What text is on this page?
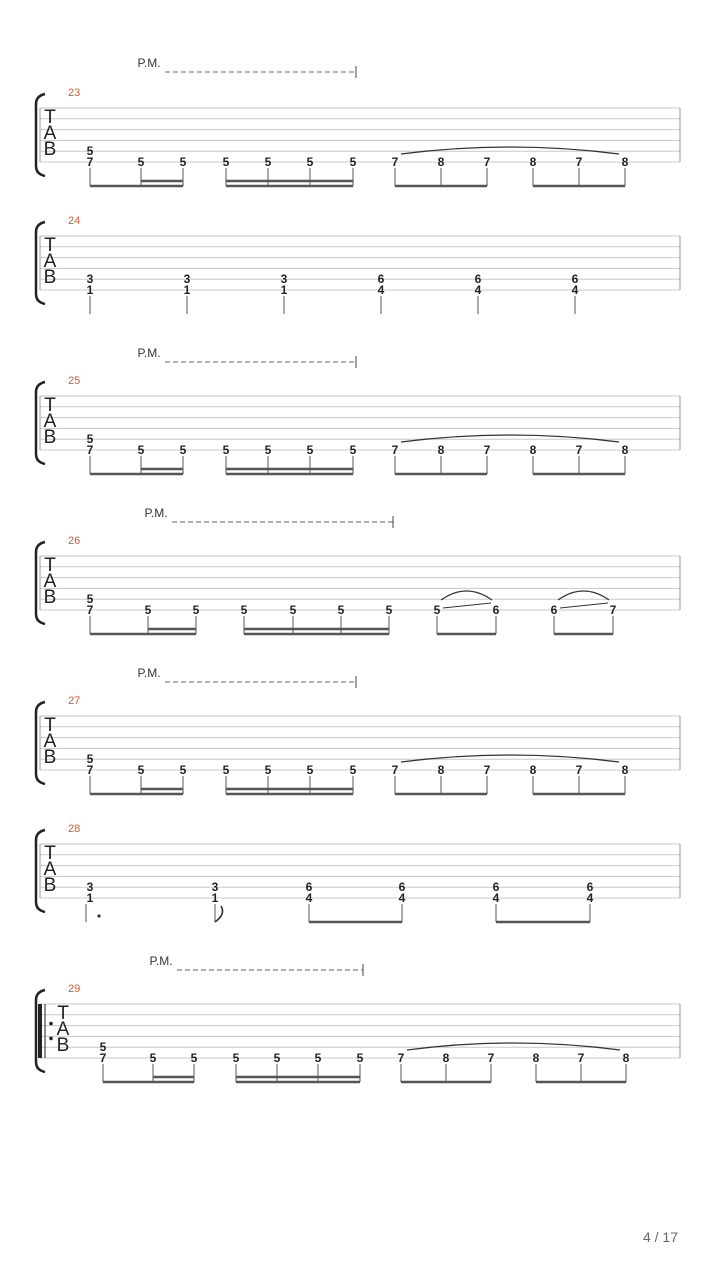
T
A
B
23
P.M.
7
5
5	5	5	5	5	5	7	8	7	8	7	8
T
A
B
24
3
1
3
1
3
1
6
4
6
4
6
4
T
A
B
25
P.M.
7
5
5	5	5	5	5	5	7	8	7	8	7	8
T
A
B
26
P.M.
7
5
5	5	5	5	5	5	5	6	6	7
T
A
B
27
P.M.
7
5
5	5	5	5	5	5	7	8	7	8	7	8
T
A
B
28
3
1
3
1
6
4
6
4
6
4
6
4
T
A
B
29
P.M.
7
5
5	5	5	5	5	5	7	8	7	8	7	8
4 / 17
